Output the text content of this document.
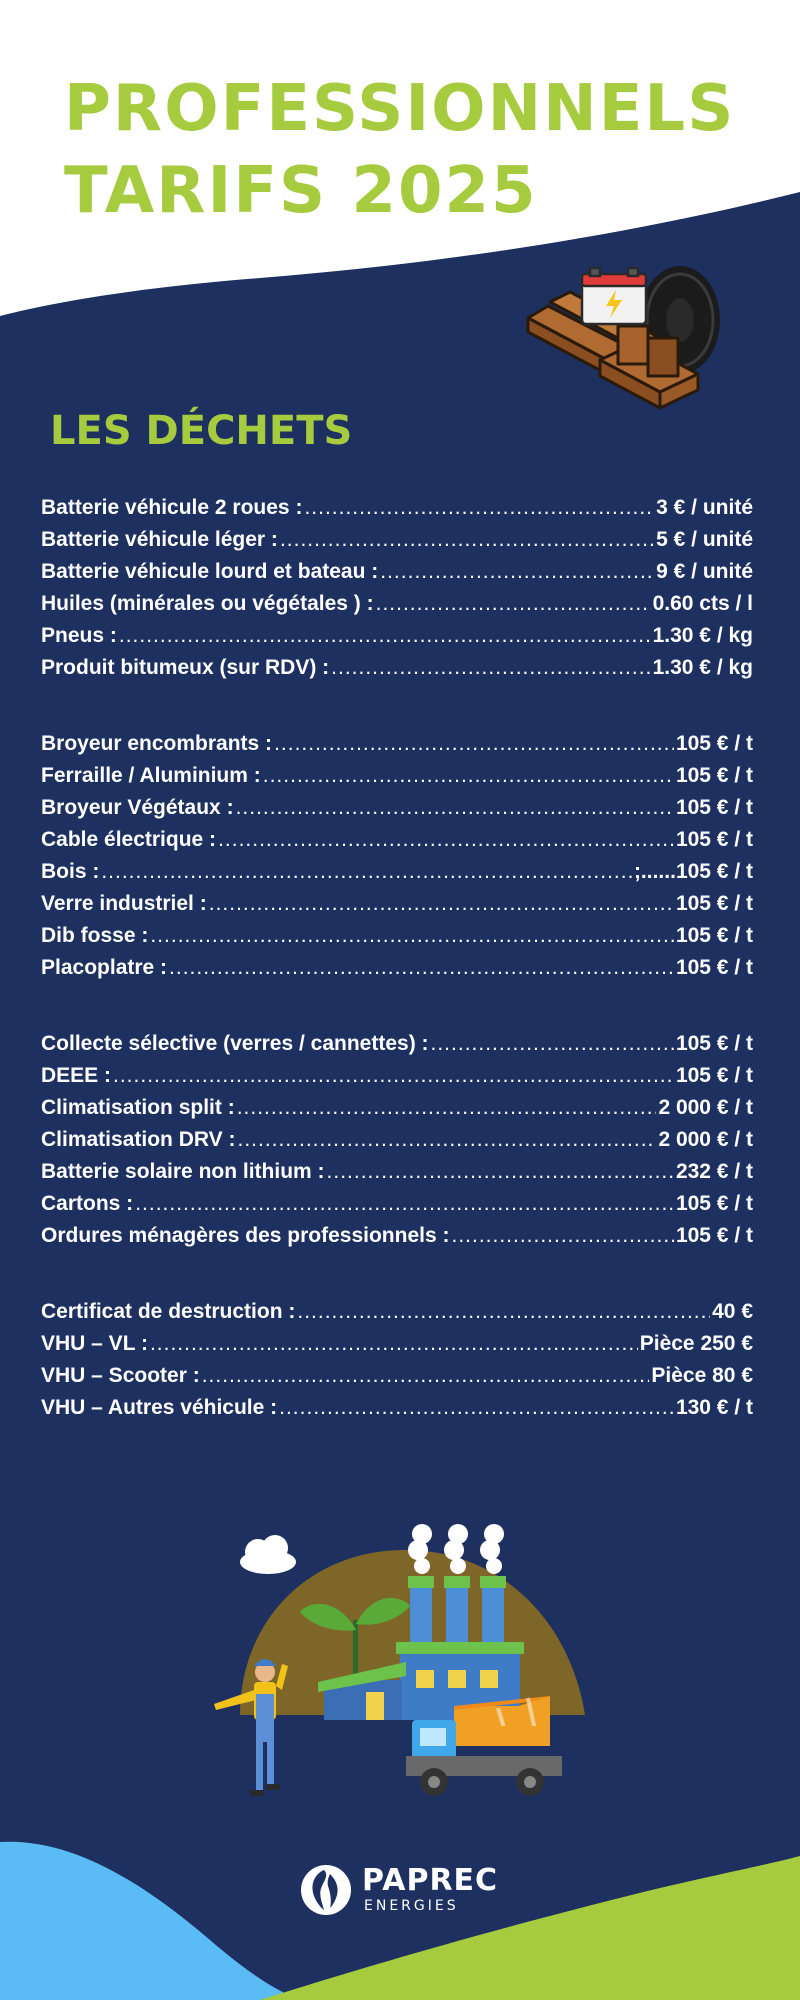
PROFESSIONNELS
TARIFS 2025
LES DÉCHETS
Batterie véhicule 2 roues : .....	3 € / unité
Batterie véhicule léger : .....	5 € / unité
Batterie véhicule lourd et bateau : .....	9 € / unité
Huiles (minérales ou végétales ) : .....	0.60 cts / l
Pneus : .....	1.30 € / kg
Produit bitumeux (sur RDV) : .....	1.30 € / kg
Broyeur encombrants : .....	105 € / t
Ferraille / Aluminium : .....	105 € / t
Broyeur Végétaux : .....	105 € / t
Cable électrique : .....	105 € / t
Bois : .....	;......105 € / t
Verre industriel : .....	105 € / t
Dib fosse : .....	105 € / t
Placoplatre : .....	105 € / t
Collecte sélective (verres / cannettes) : .....	105 € / t
DEEE : .....	105 € / t
Climatisation split : .....	2 000 € / t
Climatisation DRV : .....	2 000 € / t
Batterie solaire non lithium : .....	232 € / t
Cartons : .....	105 € / t
Ordures ménagères des professionnels : .....	105 € / t
Certificat de destruction : .....	40 €
VHU – VL : .....	Pièce 250 €
VHU – Scooter : .....	Pièce 80 €
VHU – Autres véhicule : .....	130 € / t
PAPREC
ENERGIES
